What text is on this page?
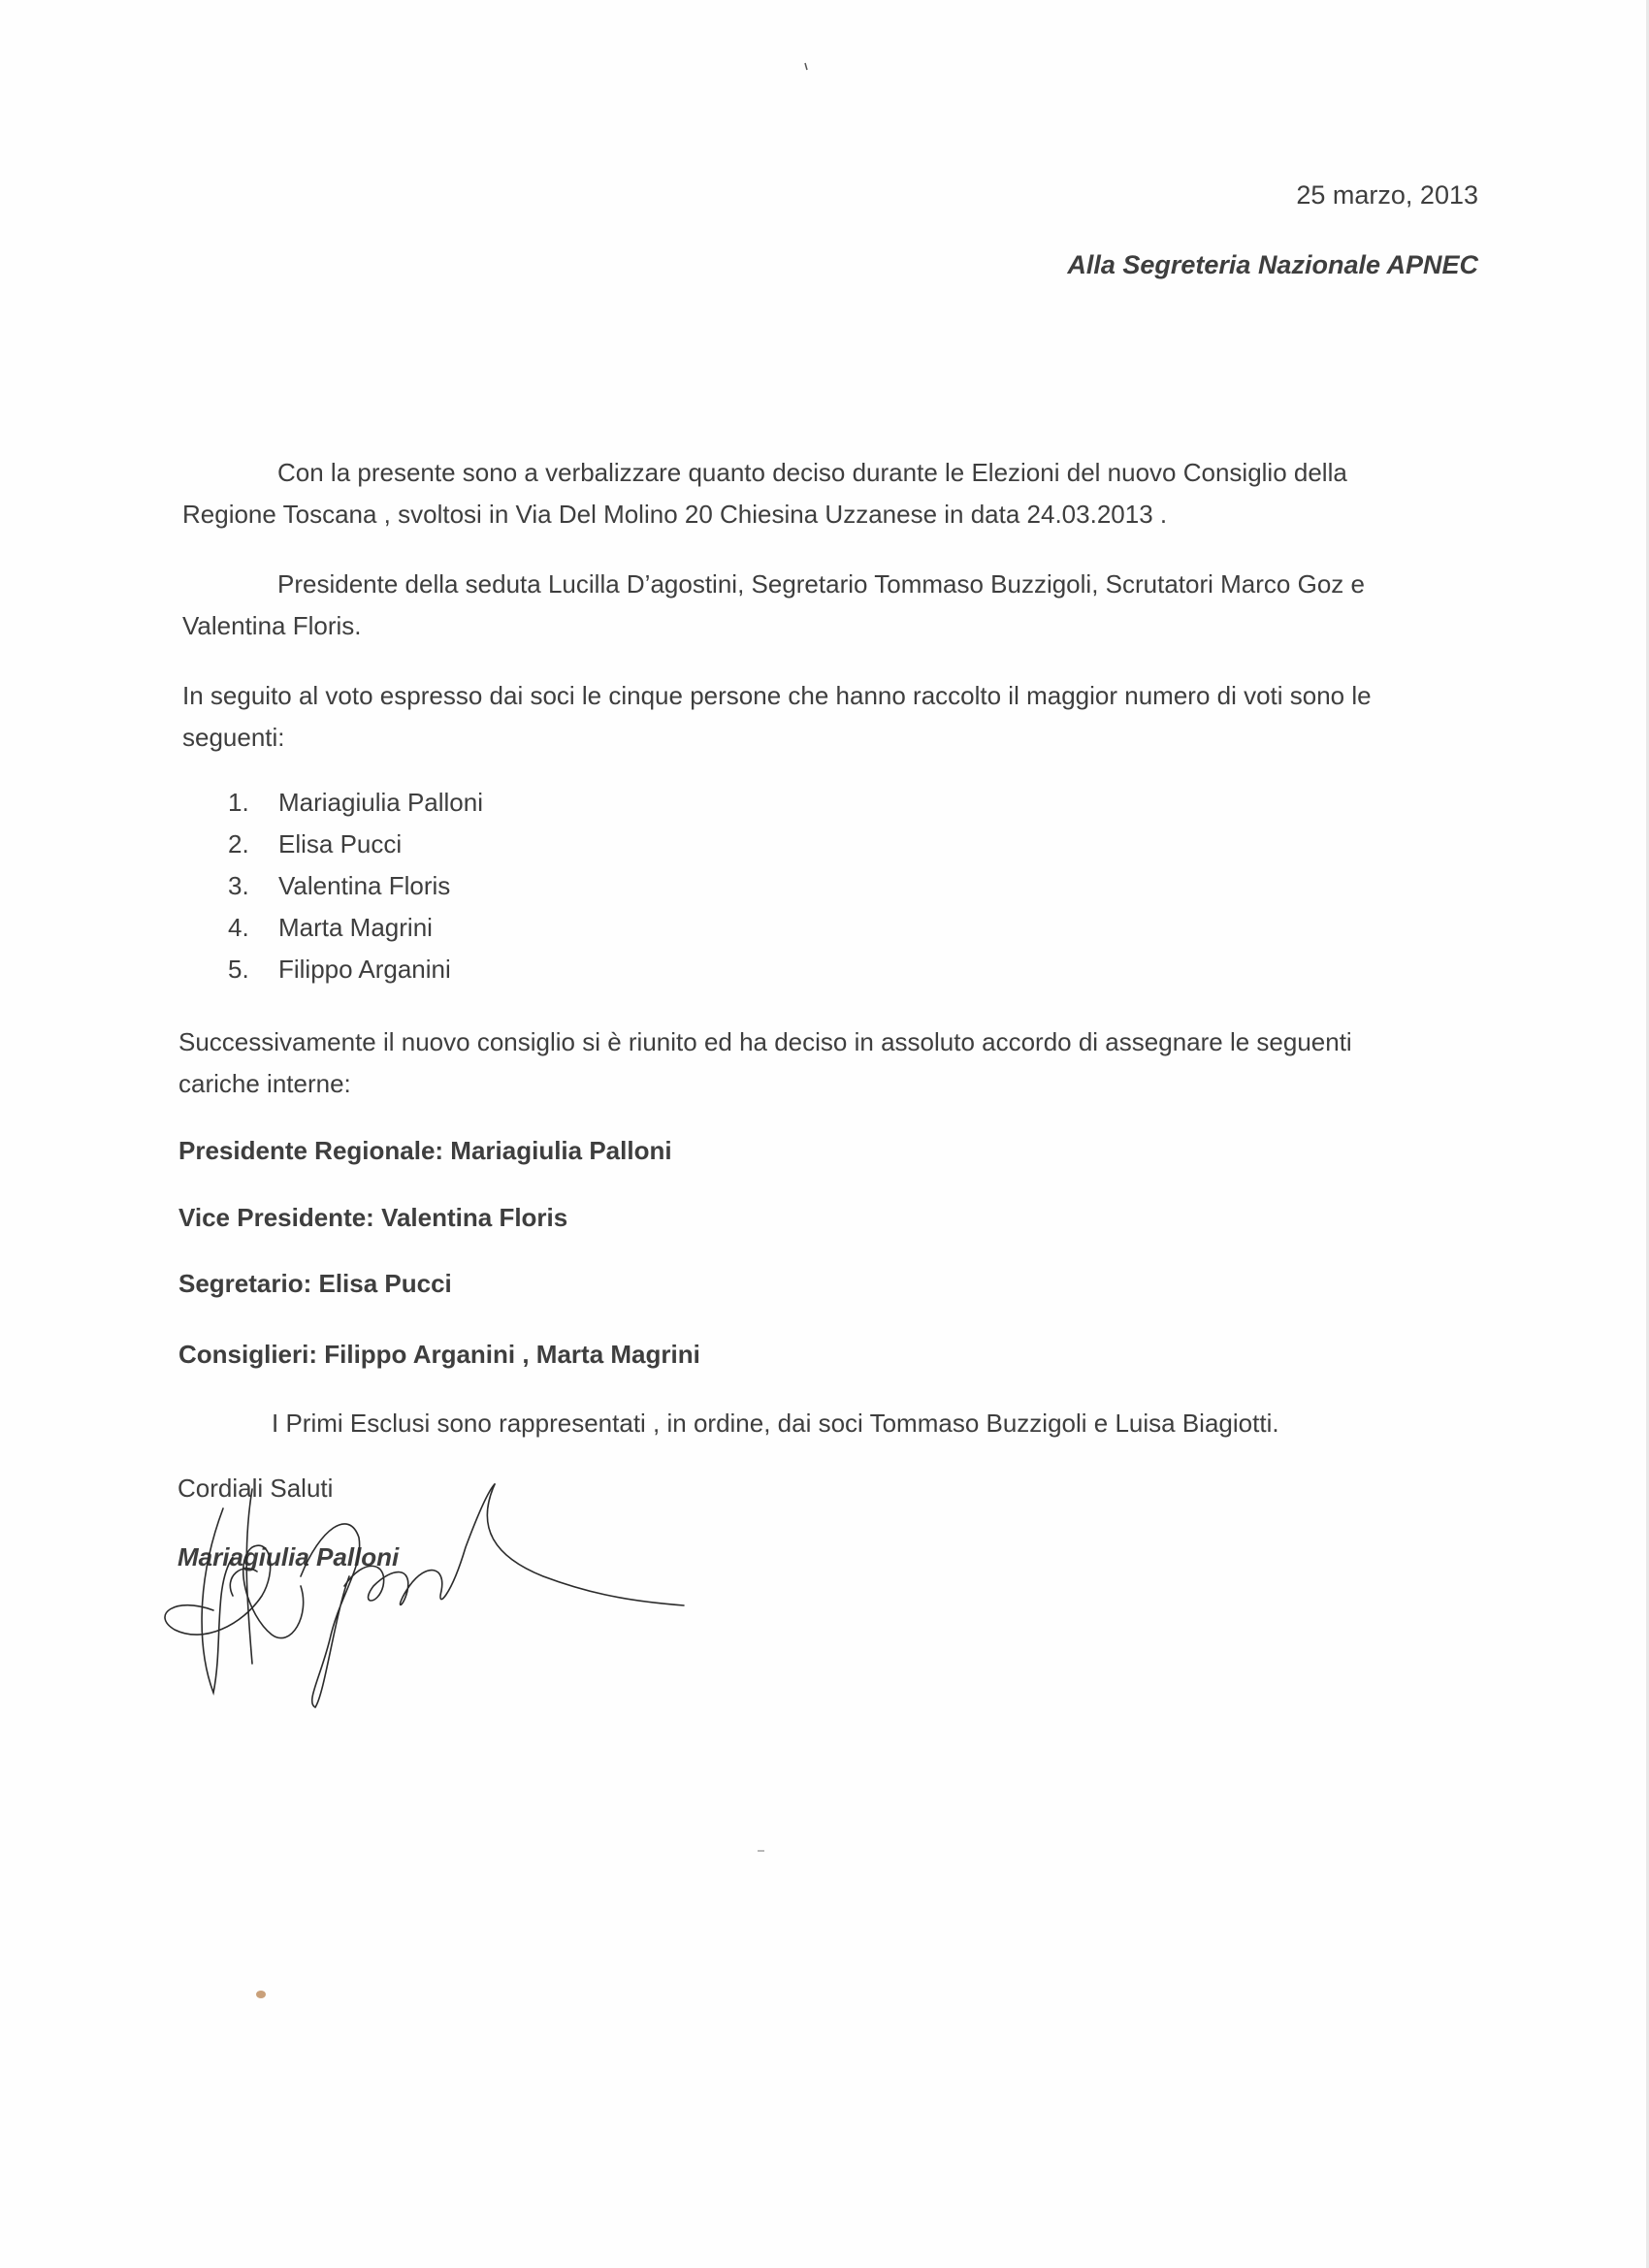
25 marzo, 2013
Alla Segreteria Nazionale APNEC
Con la presente sono a verbalizzare quanto deciso durante le Elezioni del nuovo Consiglio della
Regione Toscana , svoltosi in Via Del Molino 20 Chiesina Uzzanese in data 24.03.2013 .
Presidente della seduta Lucilla D’agostini, Segretario Tommaso Buzzigoli, Scrutatori Marco Goz e
Valentina Floris.
In seguito al voto espresso dai soci le cinque persone che hanno raccolto il maggior numero di voti sono le
seguenti:
1. Mariagiulia Palloni
2. Elisa Pucci
3. Valentina Floris
4. Marta Magrini
5. Filippo Arganini
Successivamente il nuovo consiglio si è riunito ed ha deciso in assoluto accordo di assegnare le seguenti
cariche interne:
Presidente Regionale: Mariagiulia Palloni
Vice Presidente: Valentina Floris
Segretario: Elisa Pucci
Consiglieri: Filippo Arganini , Marta Magrini
I Primi Esclusi sono rappresentati , in ordine, dai soci Tommaso Buzzigoli e Luisa Biagiotti.
Cordiali Saluti
Mariagiulia Palloni
